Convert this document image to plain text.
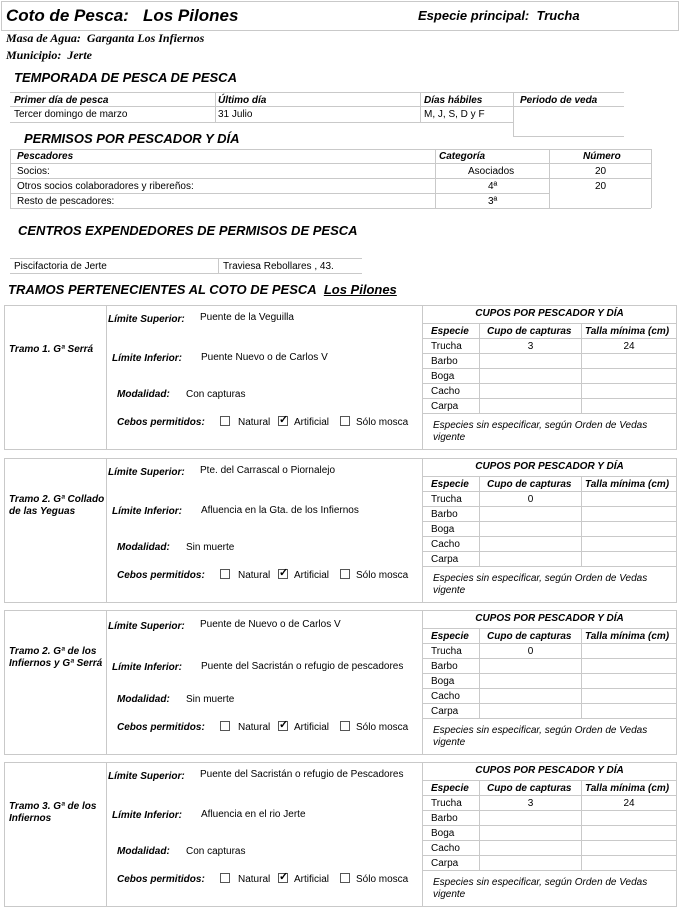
Coto de Pesca: Los Pilones	Especie principal: Trucha
Masa de Agua: Garganta Los Infiernos
Municipio: Jerte
TEMPORADA DE PESCA DE PESCA
Primer día de pesca	Último día	Días hábiles	Periodo de veda
Tercer domingo de marzo	31 Julio	M, J, S, D y F
PERMISOS POR PESCADOR Y DÍA
Pescadores	Categoría	Número
Socios:	Asociados	20
Otros socios colaboradores y ribereños:	4ª	20
Resto de pescadores:	3ª
CENTROS EXPENDEDORES DE PERMISOS DE PESCA
Piscifactoria de Jerte	Traviesa Rebollares , 43.
TRAMOS PERTENECIENTES AL COTO DE PESCA Los Pilones
Tramo 1. Gª Serrá
Límite Superior: Puente de la Veguilla
Límite Inferior: Puente Nuevo o de Carlos V
Modalidad: Con capturas
Cebos permitidos:	Natural ✓ Artificial	Sólo mosca
CUPOS POR PESCADOR Y DÍA
Especie Cupo de capturas Talla mínima (cm)
Trucha	3	24
Barbo
Boga
Cacho
Carpa
Especies sin especificar, según Orden de Vedas vigente
Tramo 2. Gª Collado de las Yeguas
Límite Superior: Pte. del Carrascal o Piornalejo
Límite Inferior: Afluencia en la Gta. de los Infiernos
Modalidad: Sin muerte
Cebos permitidos:	Natural ✓ Artificial	Sólo mosca
CUPOS POR PESCADOR Y DÍA
Especie Cupo de capturas Talla mínima (cm)
Trucha	0
Barbo
Boga
Cacho
Carpa
Especies sin especificar, según Orden de Vedas vigente
Tramo 2. Gª de los Infiernos y Gª Serrá
Límite Superior: Puente de Nuevo o de Carlos V
Límite Inferior: Puente del Sacristán o refugio de pescadores
Modalidad: Sin muerte
Cebos permitidos:	Natural ✓ Artificial	Sólo mosca
CUPOS POR PESCADOR Y DÍA
Especie Cupo de capturas Talla mínima (cm)
Trucha	0
Barbo
Boga
Cacho
Carpa
Especies sin especificar, según Orden de Vedas vigente
Tramo 3. Gª de los Infiernos
Límite Superior: Puente del Sacristán o refugio de Pescadores
Límite Inferior: Afluencia en el rio Jerte
Modalidad: Con capturas
Cebos permitidos:	Natural ✓ Artificial	Sólo mosca
CUPOS POR PESCADOR Y DÍA
Especie Cupo de capturas Talla mínima (cm)
Trucha	3	24
Barbo
Boga
Cacho
Carpa
Especies sin especificar, según Orden de Vedas vigente
